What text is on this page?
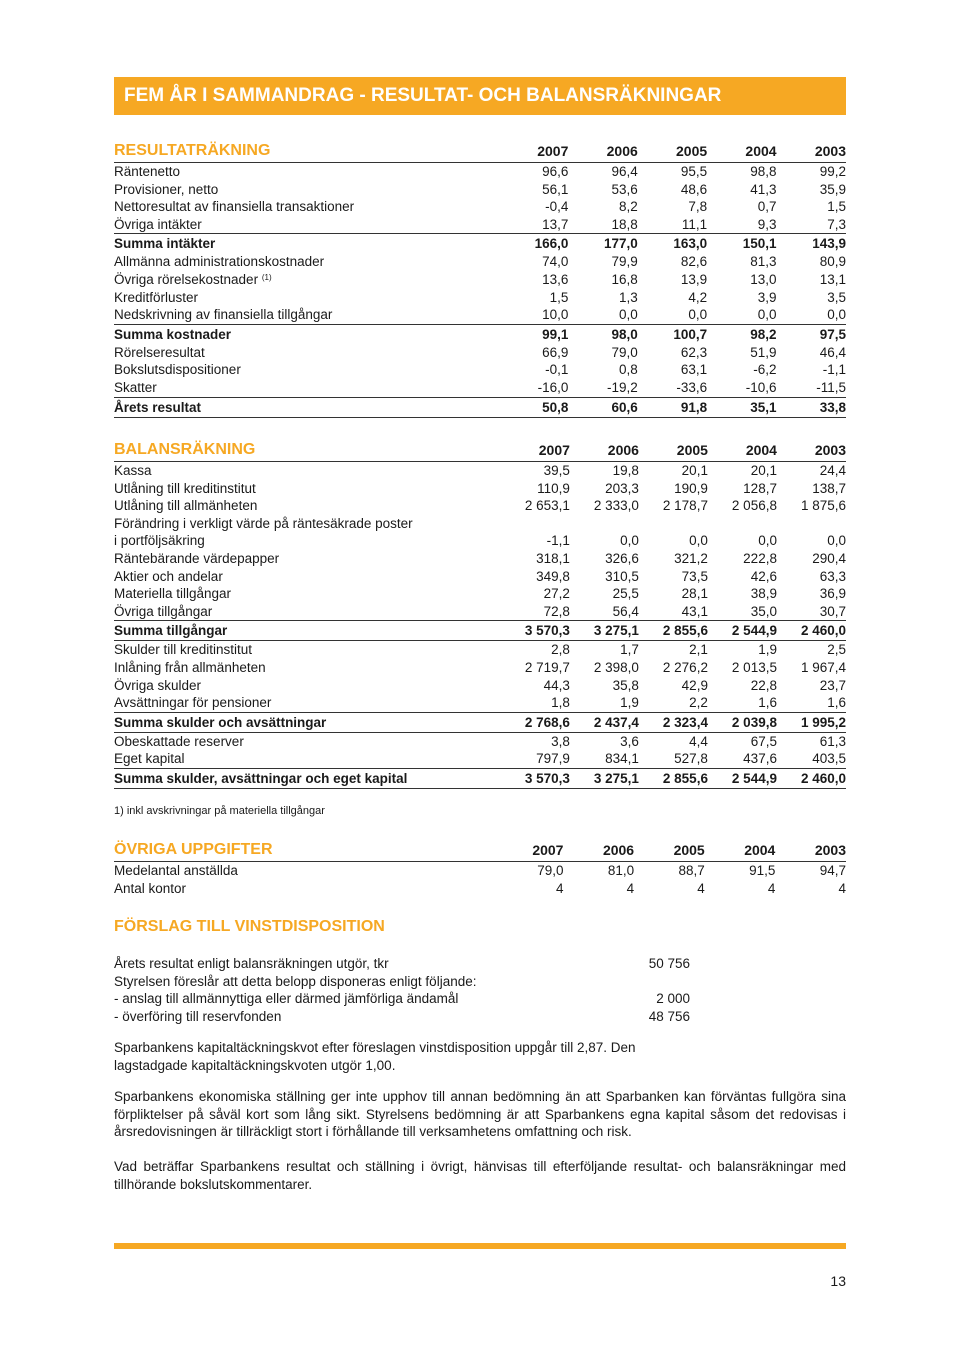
FEM ÅR I SAMMANDRAG - RESULTAT- OCH BALANSRÄKNINGAR
RESULTATRÄKNING	2007	2006	2005	2004	2003
Räntenetto	96,6	96,4	95,5	98,8	99,2
Provisioner, netto	56,1	53,6	48,6	41,3	35,9
Nettoresultat av finansiella transaktioner	-0,4	8,2	7,8	0,7	1,5
Övriga intäkter	13,7	18,8	11,1	9,3	7,3
Summa intäkter	166,0	177,0	163,0	150,1	143,9
Allmänna administrationskostnader	74,0	79,9	82,6	81,3	80,9
Övriga rörelsekostnader $^{(1)}$	13,6	16,8	13,9	13,0	13,1
Kreditförluster	1,5	1,3	4,2	3,9	3,5
Nedskrivning av finansiella tillgångar	10,0	0,0	0,0	0,0	0,0
Summa kostnader	99,1	98,0	100,7	98,2	97,5
Rörelseresultat	66,9	79,0	62,3	51,9	46,4
Bokslutsdispositioner	-0,1	0,8	63,1	-6,2	-1,1
Skatter	-16,0	-19,2	-33,6	-10,6	-11,5
Årets resultat	50,8	60,6	91,8	35,1	33,8
BALANSRÄKNING	2007	2006	2005	2004	2003
Kassa	39,5	19,8	20,1	20,1	24,4
Utlåning till kreditinstitut	110,9	203,3	190,9	128,7	138,7
Utlåning till allmänheten	2 653,1	2 333,0	2 178,7	2 056,8	1 875,6
Förändring i verkligt värde på räntesäkrade poster					
i portföljsäkring	-1,1	0,0	0,0	0,0	0,0
Räntebärande värdepapper	318,1	326,6	321,2	222,8	290,4
Aktier och andelar	349,8	310,5	73,5	42,6	63,3
Materiella tillgångar	27,2	25,5	28,1	38,9	36,9
Övriga tillgångar	72,8	56,4	43,1	35,0	30,7
Summa tillgångar	3 570,3	3 275,1	2 855,6	2 544,9	2 460,0
Skulder till kreditinstitut	2,8	1,7	2,1	1,9	2,5
Inlåning från allmänheten	2 719,7	2 398,0	2 276,2	2 013,5	1 967,4
Övriga skulder	44,3	35,8	42,9	22,8	23,7
Avsättningar för pensioner	1,8	1,9	2,2	1,6	1,6
Summa skulder och avsättningar	2 768,6	2 437,4	2 323,4	2 039,8	1 995,2
Obeskattade reserver	3,8	3,6	4,4	67,5	61,3
Eget kapital	797,9	834,1	527,8	437,6	403,5
Summa skulder, avsättningar och eget kapital	3 570,3	3 275,1	2 855,6	2 544,9	2 460,0
1) inkl avskrivningar på materiella tillgångar
ÖVRIGA UPPGIFTER	2007	2006	2005	2004	2003
Medelantal anställda	79,0	81,0	88,7	91,5	94,7
Antal kontor	4	4	4	4	4
FÖRSLAG TILL VINSTDISPOSITION
Årets resultat enligt balansräkningen utgör, tkr	50 756
Styrelsen föreslår att detta belopp disponeras enligt följande:
- anslag till allmännyttiga eller därmed jämförliga ändamål	2 000
- överföring till reservfonden	48 756
Sparbankens kapitaltäckningskvot efter föreslagen vinstdisposition uppgår till 2,87. Den lagstadgade kapitaltäckningskvoten utgör 1,00.
Sparbankens ekonomiska ställning ger inte upphov till annan bedömning än att Sparbanken kan förväntas fullgöra sina förpliktelser på såväl kort som lång sikt. Styrelsens bedömning är att Sparbankens egna kapital såsom det redovisas i årsredovisningen är tillräckligt stort i förhållande till verksamhetens omfattning och risk.
Vad beträffar Sparbankens resultat och ställning i övrigt, hänvisas till efterföljande resultat- och balansräkningar med tillhörande bokslutskommentarer.
13
